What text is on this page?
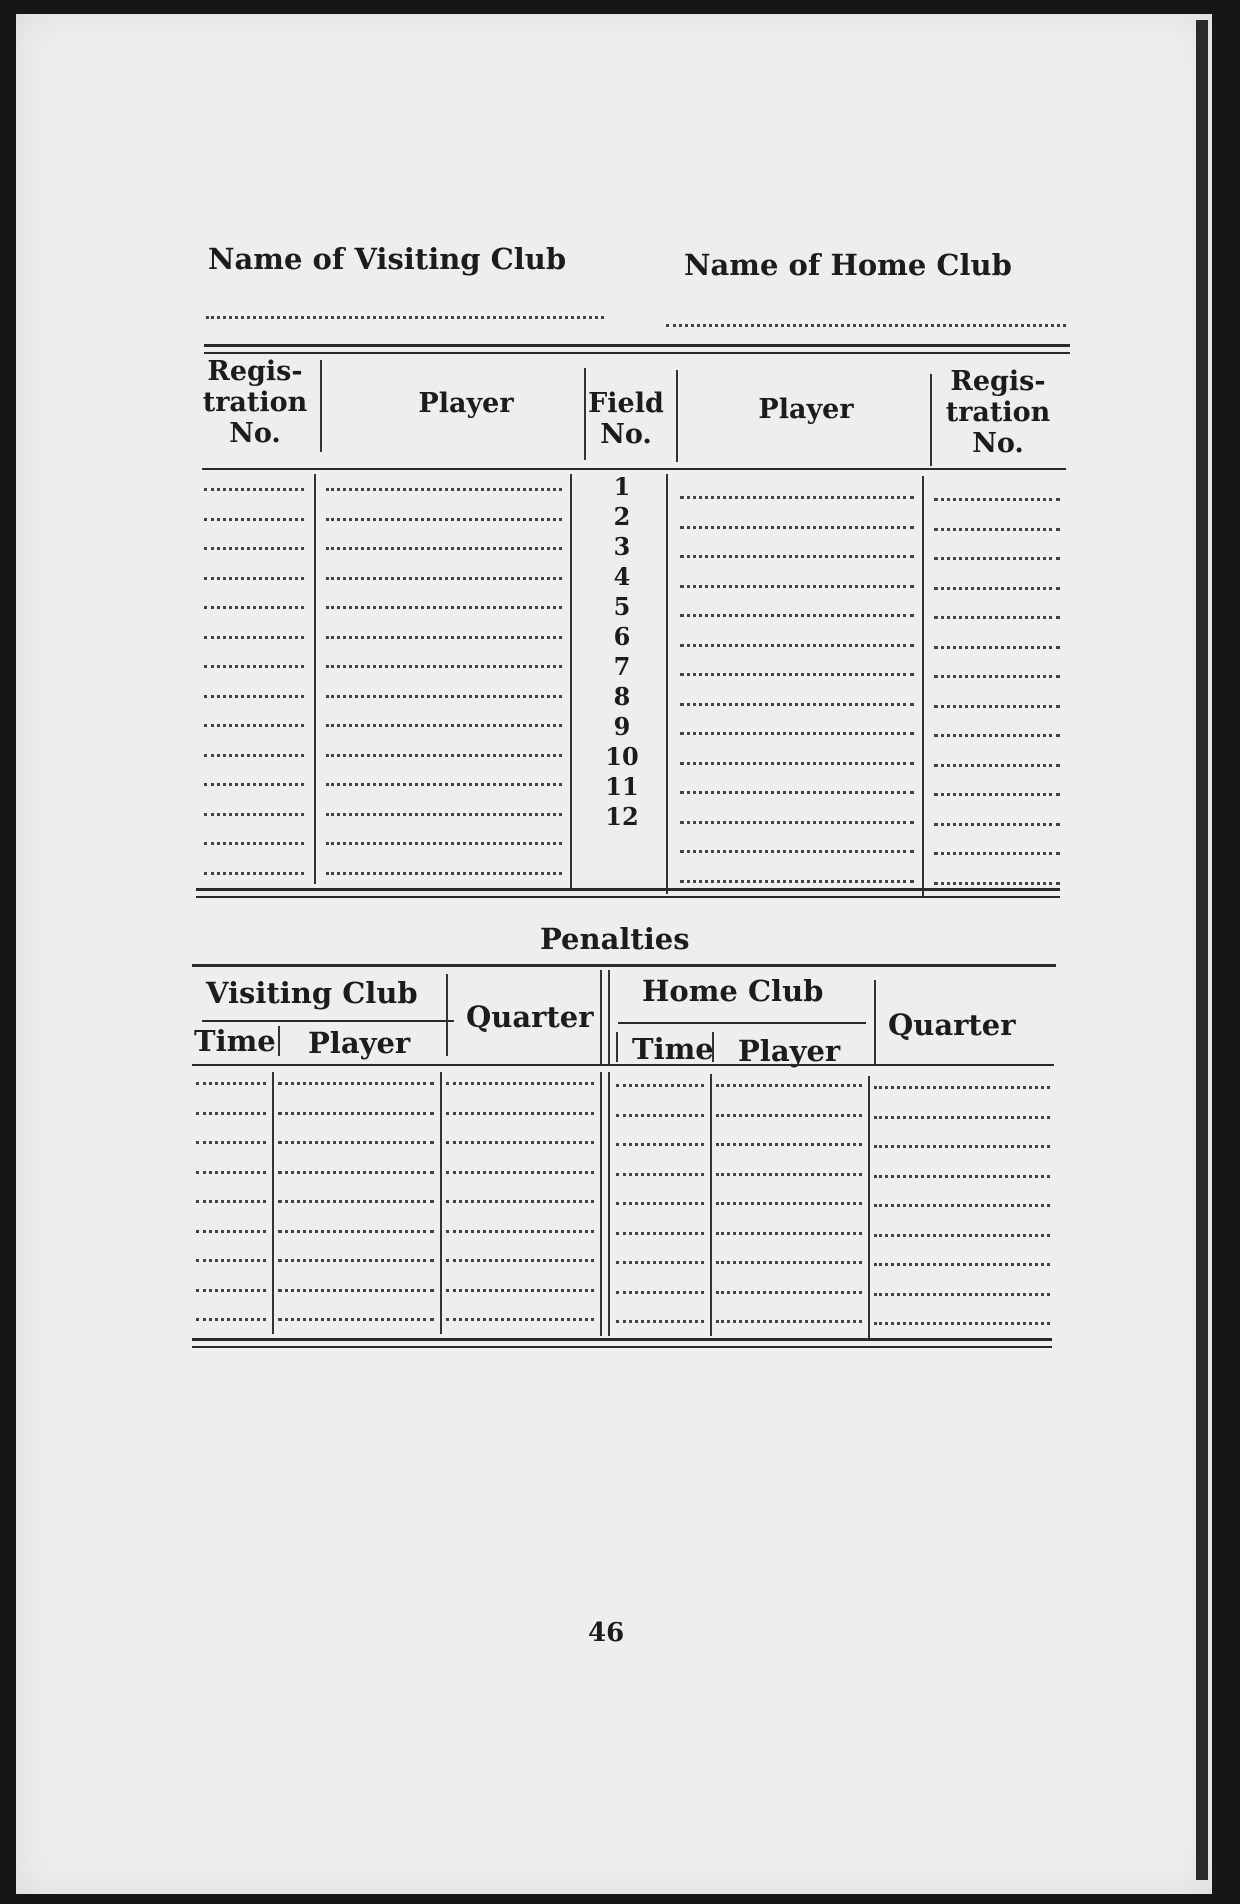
Name of Visiting Club	Name of Home Club
Regis-
tration
No.
Player	Field
No.
Player
Regis-
tration
No.
1
2
3
4
5
6
7
8
9
10
11
12
Penalties
Visiting Club
Time Player
Quarter
Home Club
Time Player
Quarter
46
